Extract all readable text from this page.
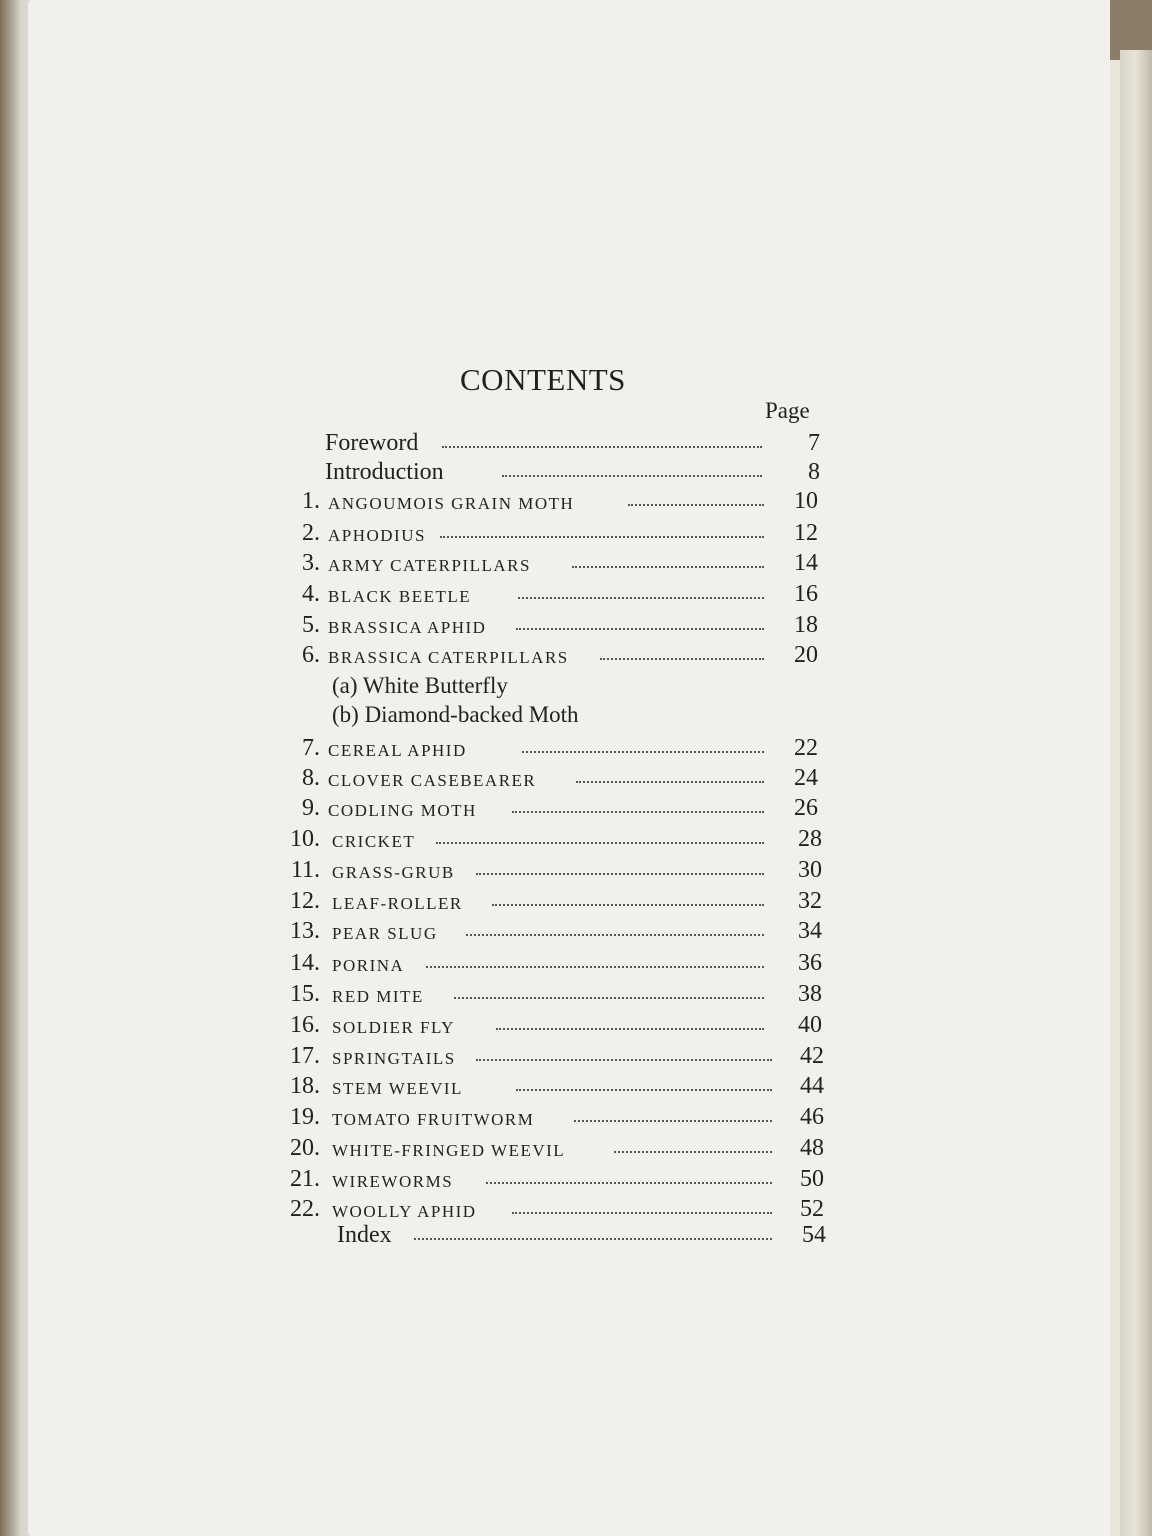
CONTENTS
Page
Foreword	7
Introduction	8
1. ANGOUMOIS GRAIN MOTH	10
2. APHODIUS	12
3. ARMY CATERPILLARS	14
4. BLACK BEETLE	16
5. BRASSICA APHID	18
6. BRASSICA CATERPILLARS	20
(a) White Butterfly
(b) Diamond-backed Moth
7. CEREAL APHID	22
8. CLOVER CASEBEARER	24
9. CODLING MOTH	26
10. CRICKET	28
11. GRASS-GRUB	30
12. LEAF-ROLLER	32
13. PEAR SLUG	34
14. PORINA	36
15. RED MITE	38
16. SOLDIER FLY	40
17. SPRINGTAILS	42
18. STEM WEEVIL	44
19. TOMATO FRUITWORM	46
20. WHITE-FRINGED WEEVIL	48
21. WIREWORMS	50
22. WOOLLY APHID	52
Index	54
